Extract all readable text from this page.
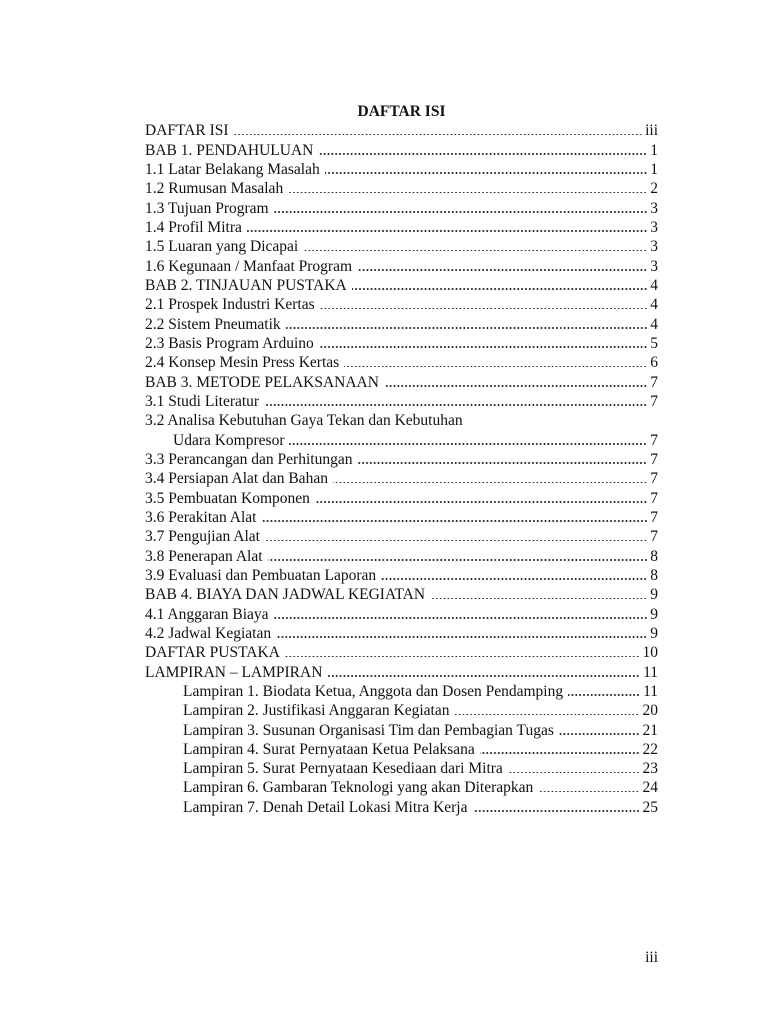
DAFTAR ISI
DAFTAR ISI	iii
BAB 1. PENDAHULUAN	1
1.1 Latar Belakang Masalah	1
1.2 Rumusan Masalah	2
1.3 Tujuan Program	3
1.4 Profil Mitra	3
1.5 Luaran yang Dicapai	3
1.6 Kegunaan / Manfaat Program	3
BAB 2. TINJAUAN PUSTAKA	4
2.1 Prospek Industri Kertas	4
2.2 Sistem Pneumatik	4
2.3 Basis Program Arduino	5
2.4 Konsep Mesin Press Kertas	6
BAB 3. METODE PELAKSANAAN	7
3.1 Studi Literatur	7
3.2 Analisa Kebutuhan Gaya Tekan dan Kebutuhan
Udara Kompresor	7
3.3 Perancangan dan Perhitungan	7
3.4 Persiapan Alat dan Bahan	7
3.5 Pembuatan Komponen	7
3.6 Perakitan Alat	7
3.7 Pengujian Alat	7
3.8 Penerapan Alat	8
3.9 Evaluasi dan Pembuatan Laporan	8
BAB 4. BIAYA DAN JADWAL KEGIATAN	9
4.1 Anggaran Biaya	9
4.2 Jadwal Kegiatan	9
DAFTAR PUSTAKA	10
LAMPIRAN – LAMPIRAN	11
Lampiran 1. Biodata Ketua, Anggota dan Dosen Pendamping	11
Lampiran 2. Justifikasi Anggaran Kegiatan	20
Lampiran 3. Susunan Organisasi Tim dan Pembagian Tugas	21
Lampiran 4. Surat Pernyataan Ketua Pelaksana	22
Lampiran 5. Surat Pernyataan Kesediaan dari Mitra	23
Lampiran 6. Gambaran Teknologi yang akan Diterapkan	24
Lampiran 7. Denah Detail Lokasi Mitra Kerja	25
iii
